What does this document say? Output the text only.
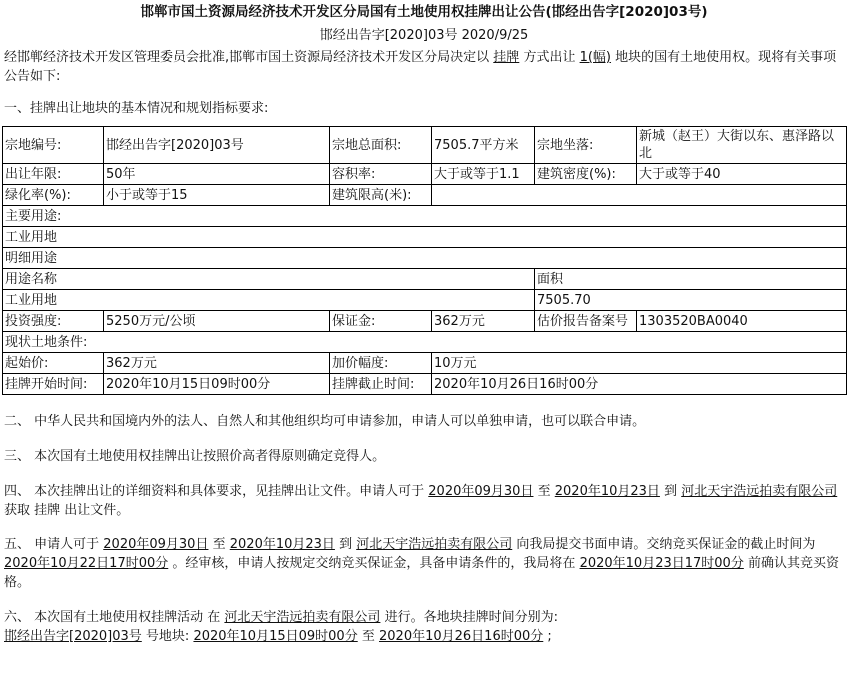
邯郸市国土资源局经济技术开发区分局国有土地使用权挂牌出让公告(邯经出告字[2020]03号)
邯经出告字[2020]03号 2020/9/25

经邯郸经济技术开发区管理委员会批准,邯郸市国土资源局经济技术开发区分局决定以 挂牌 方式出让 1(幅) 地块的国有土地使用权。现将有关事项公告如下:

一、挂牌出让地块的基本情况和规划指标要求:

宗地编号:	邯经出告字[2020]03号	宗地总面积:	7505.7平方米	宗地坐落:	新城（赵王）大街以东、惠泽路以北
出让年限:	50年	容积率:	大于或等于1.1	建筑密度(%):	大于或等于40
绿化率(%):	小于或等于15	建筑限高(米):			
主要用途:					
工业用地					
明细用途					
用途名称				面积	
工业用地				7505.70	
投资强度:	5250万元/公顷	保证金:	362万元	估价报告备案号	1303520BA0040
现状土地条件:					
起始价:	362万元	加价幅度:	10万元		
挂牌开始时间:	2020年10月15日09时00分	挂牌截止时间:	2020年10月26日16时00分		

二、 中华人民共和国境内外的法人、自然人和其他组织均可申请参加，申请人可以单独申请，也可以联合申请。

三、 本次国有土地使用权挂牌出让按照价高者得原则确定竞得人。

四、 本次挂牌出让的详细资料和具体要求，见挂牌出让文件。申请人可于 2020年09月30日 至 2020年10月23日 到 河北天宇浩远拍卖有限公司 获取 挂牌 出让文件。

五、 申请人可于 2020年09月30日 至 2020年10月23日 到 河北天宇浩远拍卖有限公司 向我局提交书面申请。交纳竞买保证金的截止时间为 2020年10月22日17时00分 。经审核，申请人按规定交纳竞买保证金，具备申请条件的，我局将在 2020年10月23日17时00分 前确认其竞买资格。

六、 本次国有土地使用权挂牌活动 在 河北天宇浩远拍卖有限公司 进行。各地块挂牌时间分别为:
邯经出告字[2020]03号 号地块: 2020年10月15日09时00分 至 2020年10月26日16时00分 ;
